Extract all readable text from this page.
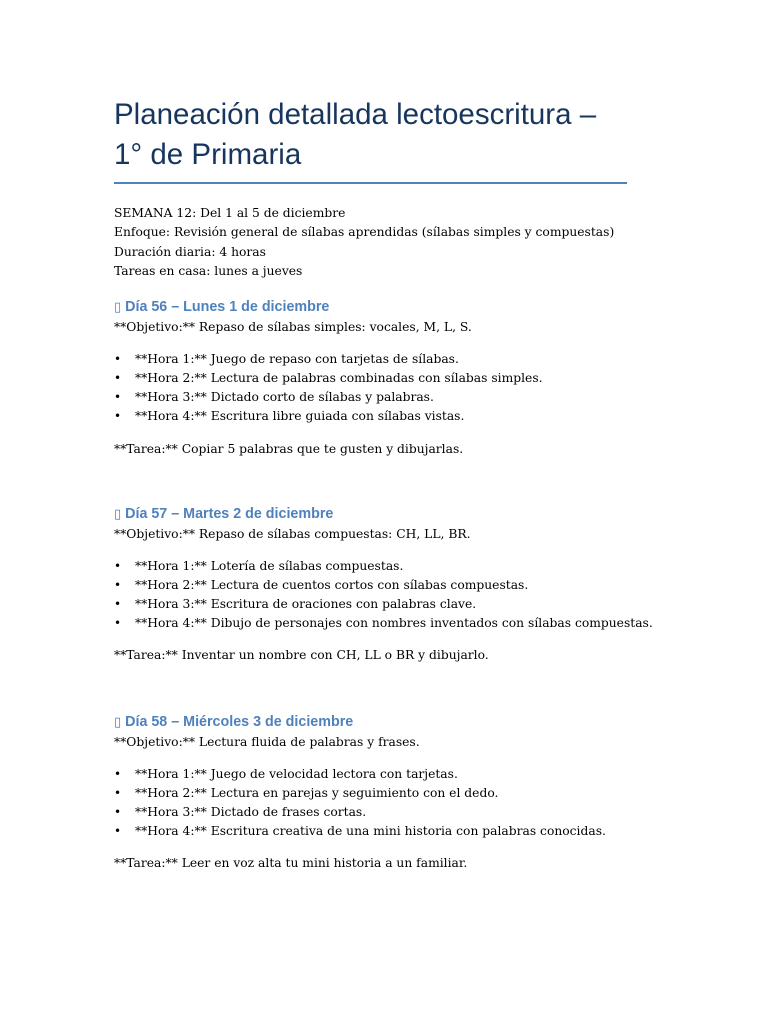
Planeación detallada lectoescritura – 1° de Primaria
SEMANA 12: Del 1 al 5 de diciembre
Enfoque: Revisión general de sílabas aprendidas (sílabas simples y compuestas)
Duración diaria: 4 horas
Tareas en casa: lunes a jueves
▯ Día 56 – Lunes 1 de diciembre

**Objetivo:** Repaso de sílabas simples: vocales, M, L, S.

• **Hora 1:** Juego de repaso con tarjetas de sílabas.
• **Hora 2:** Lectura de palabras combinadas con sílabas simples.
• **Hora 3:** Dictado corto de sílabas y palabras.
• **Hora 4:** Escritura libre guiada con sílabas vistas.

**Tarea:** Copiar 5 palabras que te gusten y dibujarlas.

▯ Día 57 – Martes 2 de diciembre

**Objetivo:** Repaso de sílabas compuestas: CH, LL, BR.

• **Hora 1:** Lotería de sílabas compuestas.
• **Hora 2:** Lectura de cuentos cortos con sílabas compuestas.
• **Hora 3:** Escritura de oraciones con palabras clave.
• **Hora 4:** Dibujo de personajes con nombres inventados con sílabas compuestas.

**Tarea:** Inventar un nombre con CH, LL o BR y dibujarlo.

▯ Día 58 – Miércoles 3 de diciembre

**Objetivo:** Lectura fluida de palabras y frases.

• **Hora 1:** Juego de velocidad lectora con tarjetas.
• **Hora 2:** Lectura en parejas y seguimiento con el dedo.
• **Hora 3:** Dictado de frases cortas.
• **Hora 4:** Escritura creativa de una mini historia con palabras conocidas.

**Tarea:** Leer en voz alta tu mini historia a un familiar.
